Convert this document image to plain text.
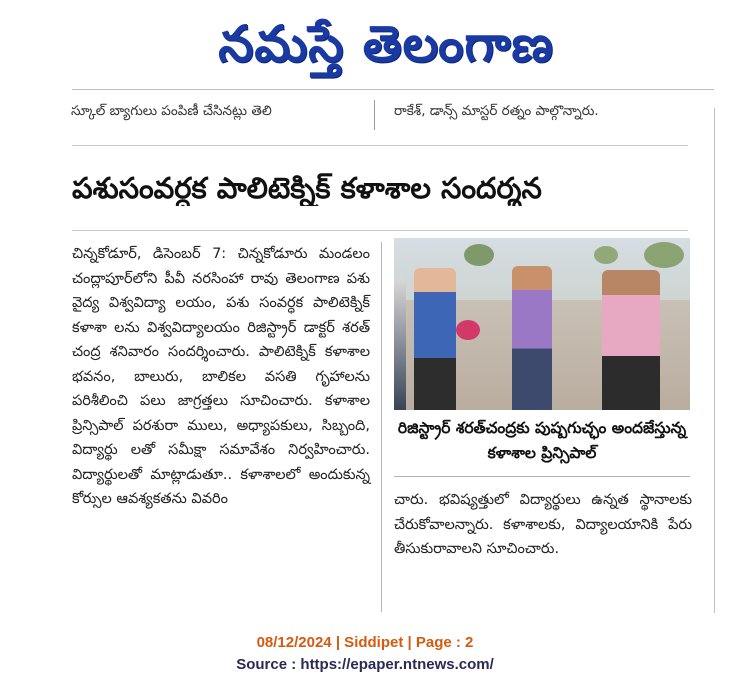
నమస్తే తెలంగాణ
స్కూల్ బ్యాగులు పంపిణీ చేసినట్లు తెలి	రాకేశ్, డాన్స్ మాస్టర్ రత్నం పాల్గొన్నారు.
పశుసంవర్ధక పాలిటెక్నిక్ కళాశాల సందర్శన

చిన్నకోడూర్, డిసెంబర్ 7: చిన్నకోడూరు మండలం చంద్లాపూర్‌లోని పీవీ నరసింహా రావు తెలంగాణ పశు వైద్య విశ్వవిద్యా లయం, పశు సంవర్ధక పాలిటెక్నిక్ కళాశా లను విశ్వవిద్యాలయం రిజిస్ట్రార్ డాక్టర్ శరత్ చంద్ర శనివారం సందర్శించారు. పాలిటెక్నిక్ కళాశాల భవనం, బాలురు, బాలికల వసతి గృహాలను పరిశీలించి పలు జాగ్రత్తలు సూచించారు. కళాశాల ప్రిన్సిపాల్ పరశురా ములు, అధ్యాపకులు, సిబ్బంది, విద్యార్థు లతో సమీక్షా సమావేశం నిర్వహించారు. విద్యార్థులతో మాట్లాడుతూ.. కళాశాలలో అందుకున్న కోర్సుల ఆవశ్యకతను వివరిం

రిజిస్ట్రార్ శరత్‌చంద్రకు పుష్పగుచ్ఛం అందజేస్తున్న కళాశాల ప్రిన్సిపాల్

చారు. భవిష్యత్తులో విద్యార్థులు ఉన్నత స్థానాలకు చేరుకోవాలన్నారు. కళాశాలకు, విద్యాలయానికి పేరు తీసుకురావాలని సూచించారు.

08/12/2024 | Siddipet | Page : 2
Source : https://epaper.ntnews.com/
